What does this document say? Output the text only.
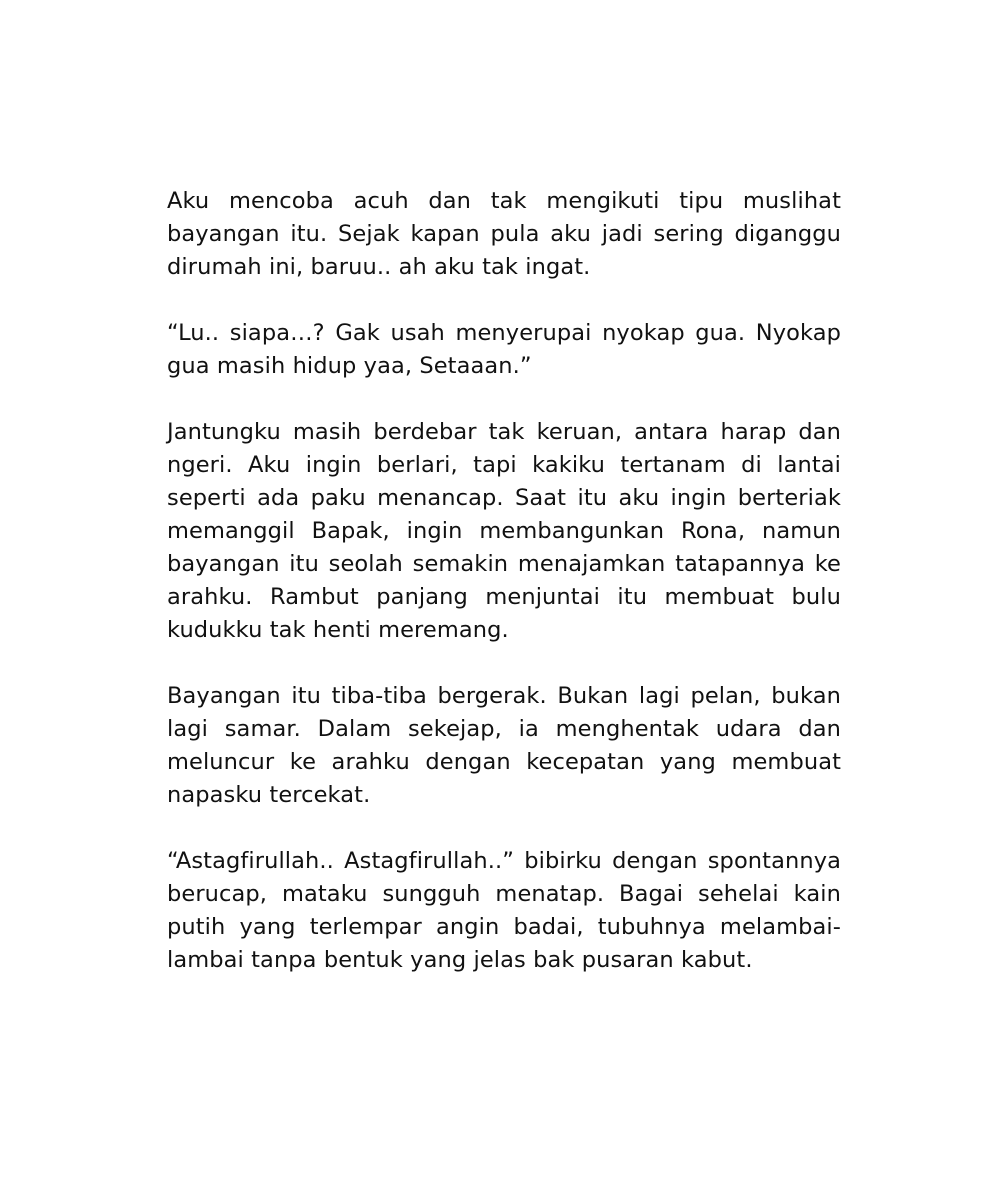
Aku mencoba acuh dan tak mengikuti tipu muslihat bayangan itu. Sejak kapan pula aku jadi sering diganggu dirumah ini, baruu.. ah aku tak ingat.

“Lu.. siapa…? Gak usah menyerupai nyokap gua. Nyokap gua masih hidup yaa, Setaaan.”

Jantungku masih berdebar tak keruan, antara harap dan ngeri. Aku ingin berlari, tapi kakiku tertanam di lantai seperti ada paku menancap. Saat itu aku ingin berteriak memanggil Bapak, ingin membangunkan Rona, namun bayangan itu seolah semakin menajamkan tatapannya ke arahku. Rambut panjang menjuntai itu membuat bulu kudukku tak henti meremang.

Bayangan itu tiba-tiba bergerak. Bukan lagi pelan, bukan lagi samar. Dalam sekejap, ia menghentak udara dan meluncur ke arahku dengan kecepatan yang membuat napasku tercekat.

“Astagfirullah.. Astagfirullah..” bibirku dengan spontannya berucap, mataku sungguh menatap. Bagai sehelai kain putih yang terlempar angin badai, tubuhnya melambai-lambai tanpa bentuk yang jelas bak pusaran kabut.
